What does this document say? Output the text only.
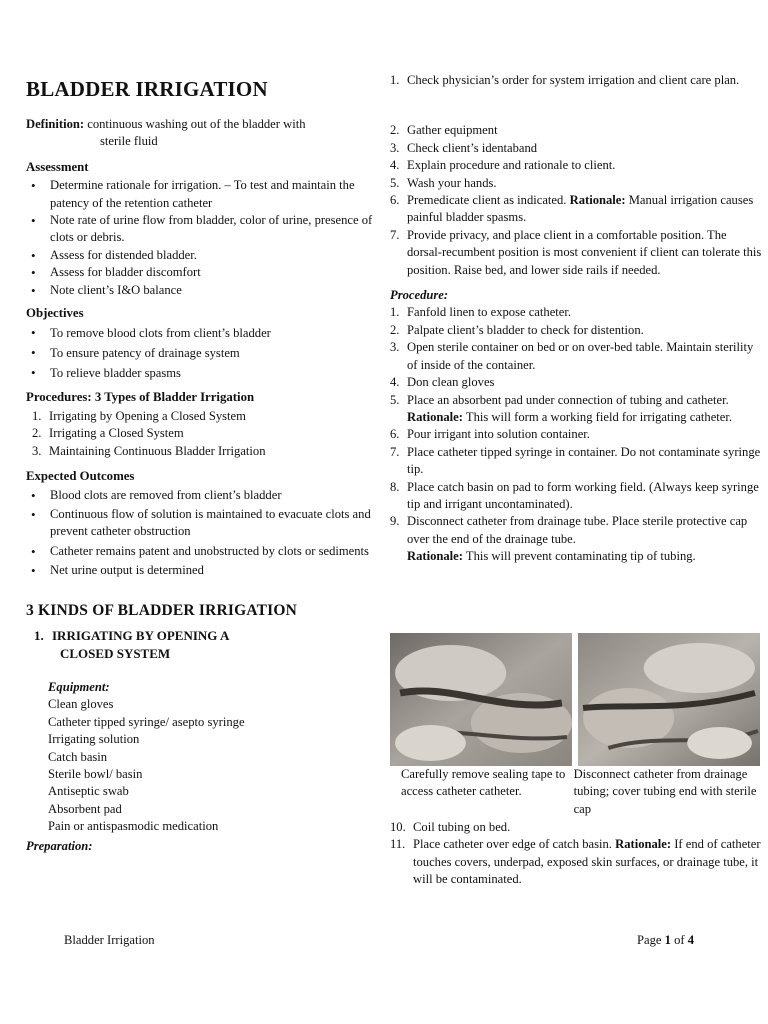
BLADDER IRRIGATION
Definition: continuous washing out of the bladder with
sterile fluid
Assessment
• Determine rationale for irrigation. – To test and maintain the patency of the retention catheter
• Note rate of urine flow from bladder, color of urine, presence of clots or debris.
• Assess for distended bladder.
• Assess for bladder discomfort
• Note client’s I&O balance
Objectives
• To remove blood clots from client’s bladder
• To ensure patency of drainage system
• To relieve bladder spasms
Procedures: 3 Types of Bladder Irrigation
1. Irrigating by Opening a Closed System
2. Irrigating a Closed System
3. Maintaining Continuous Bladder Irrigation
Expected Outcomes
• Blood clots are removed from client’s bladder
• Continuous flow of solution is maintained to evacuate clots and prevent catheter obstruction
• Catheter remains patent and unobstructed by clots or sediments
• Net urine output is determined
3 KINDS OF BLADDER IRRIGATION
1. IRRIGATING BY OPENING A
CLOSED SYSTEM
Equipment:
Clean gloves
Catheter tipped syringe/ asepto syringe
Irrigating solution
Catch basin
Sterile bowl/ basin
Antiseptic swab
Absorbent pad
Pain or antispasmodic medication
Preparation:
1. Check physician’s order for system irrigation and client care plan.
2. Gather equipment
3. Check client’s identaband
4. Explain procedure and rationale to client.
5. Wash your hands.
6. Premedicate client as indicated. Rationale: Manual irrigation causes painful bladder spasms.
7. Provide privacy, and place client in a comfortable position. The dorsal-recumbent position is most convenient if client can tolerate this position. Raise bed, and lower side rails if needed.
Procedure:
1. Fanfold linen to expose catheter.
2. Palpate client’s bladder to check for distention.
3. Open sterile container on bed or on over-bed table. Maintain sterility of inside of the container.
4. Don clean gloves
5. Place an absorbent pad under connection of tubing and catheter. Rationale: This will form a working field for irrigating catheter.
6. Pour irrigant into solution container.
7. Place catheter tipped syringe in container. Do not contaminate syringe tip.
8. Place catch basin on pad to form working field. (Always keep syringe tip and irrigant uncontaminated).
9. Disconnect catheter from drainage tube. Place sterile protective cap over the end of the drainage tube.
Rationale: This will prevent contaminating tip of tubing.
Carefully remove sealing tape to access catheter catheter.
Disconnect catheter from drainage tubing; cover tubing end with sterile cap
10. Coil tubing on bed.
11. Place catheter over edge of catch basin. Rationale: If end of catheter touches covers, underpad, exposed skin surfaces, or drainage tube, it will be contaminated.
Bladder Irrigation	Page 1 of 4
